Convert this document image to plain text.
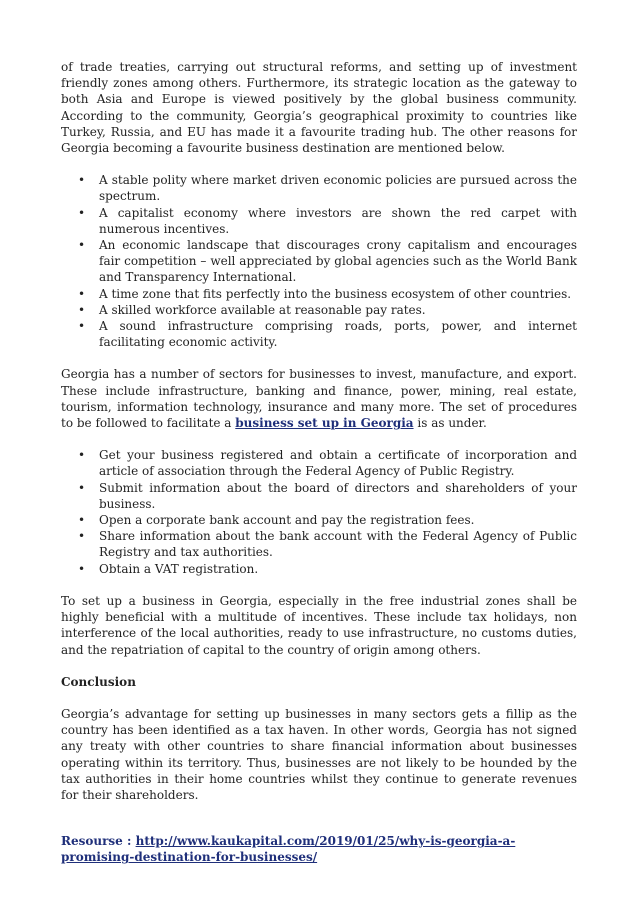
of trade treaties, carrying out structural reforms, and setting up of investment friendly zones among others. Furthermore, its strategic location as the gateway to both Asia and Europe is viewed positively by the global business community. According to the community, Georgia’s geographical proximity to countries like Turkey, Russia, and EU has made it a favourite trading hub. The other reasons for Georgia becoming a favourite business destination are mentioned below.

• A stable polity where market driven economic policies are pursued across the spectrum.
• A capitalist economy where investors are shown the red carpet with numerous incentives.
• An economic landscape that discourages crony capitalism and encourages fair competition – well appreciated by global agencies such as the World Bank and Transparency International.
• A time zone that fits perfectly into the business ecosystem of other countries.
• A skilled workforce available at reasonable pay rates.
• A sound infrastructure comprising roads, ports, power, and internet facilitating economic activity.

Georgia has a number of sectors for businesses to invest, manufacture, and export. These include infrastructure, banking and finance, power, mining, real estate, tourism, information technology, insurance and many more. The set of procedures to be followed to facilitate a business set up in Georgia is as under.

• Get your business registered and obtain a certificate of incorporation and article of association through the Federal Agency of Public Registry.
• Submit information about the board of directors and shareholders of your business.
• Open a corporate bank account and pay the registration fees.
• Share information about the bank account with the Federal Agency of Public Registry and tax authorities.
• Obtain a VAT registration.

To set up a business in Georgia, especially in the free industrial zones shall be highly beneficial with a multitude of incentives. These include tax holidays, non interference of the local authorities, ready to use infrastructure, no customs duties, and the repatriation of capital to the country of origin among others.

Conclusion

Georgia’s advantage for setting up businesses in many sectors gets a fillip as the country has been identified as a tax haven. In other words, Georgia has not signed any treaty with other countries to share financial information about businesses operating within its territory. Thus, businesses are not likely to be hounded by the tax authorities in their home countries whilst they continue to generate revenues for their shareholders.

Resourse : http://www.kaukapital.com/2019/01/25/why-is-georgia-a-promising-destination-for-businesses/
